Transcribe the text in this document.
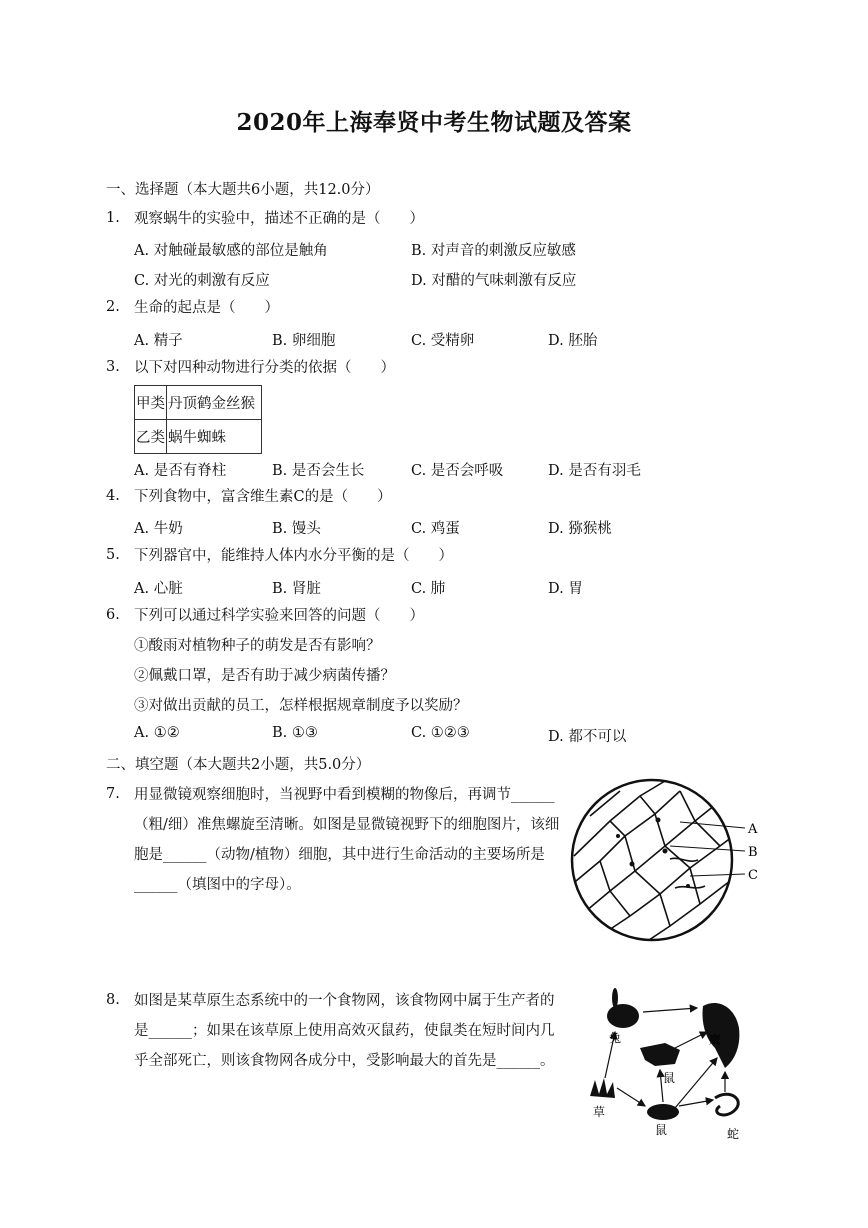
2020年上海奉贤中考生物试题及答案
一、选择题（本大题共6小题，共12.0分）
1. 观察蜗牛的实验中，描述不正确的是（　　）
A. 对触碰最敏感的部位是触角	B. 对声音的刺激反应敏感
C. 对光的刺激有反应	D. 对醋的气味刺激有反应
2. 生命的起点是（　　）
A. 精子	B. 卵细胞	C. 受精卵	D. 胚胎
3. 以下对四种动物进行分类的依据（　　）
甲类	丹顶鹤金丝猴
乙类	蜗牛蜘蛛
A. 是否有脊柱	B. 是否会生长	C. 是否会呼吸	D. 是否有羽毛
4. 下列食物中，富含维生素C的是（　　）
A. 牛奶	B. 馒头	C. 鸡蛋	D. 猕猴桃
5. 下列器官中，能维持人体内水分平衡的是（　　）
A. 心脏	B. 肾脏	C. 肺	D. 胃
6. 下列可以通过科学实验来回答的问题（　　）
①酸雨对植物种子的萌发是否有影响？
②佩戴口罩，是否有助于减少病菌传播？
③对做出贡献的员工，怎样根据规章制度予以奖励？
A. ①②	B. ①③	C. ①②③	D. 都不可以
二、填空题（本大题共2小题，共5.0分）
7. 用显微镜观察细胞时，当视野中看到模糊的物像后，再调节______（粗/细）准焦螺旋至清晰。如图是显微镜视野下的细胞图片，该细胞是______（动物/植物）细胞，其中进行生命活动的主要场所是______（填图中的字母）。
A
B
C
8. 如图是某草原生态系统中的一个食物网，该食物网中属于生产者的是______；如果在该草原上使用高效灭鼠药，使鼠类在短时间内几乎全部死亡，则该食物网各成分中，受影响最大的首先是______。
兔	鹰
鼠
草
鼠	蛇
